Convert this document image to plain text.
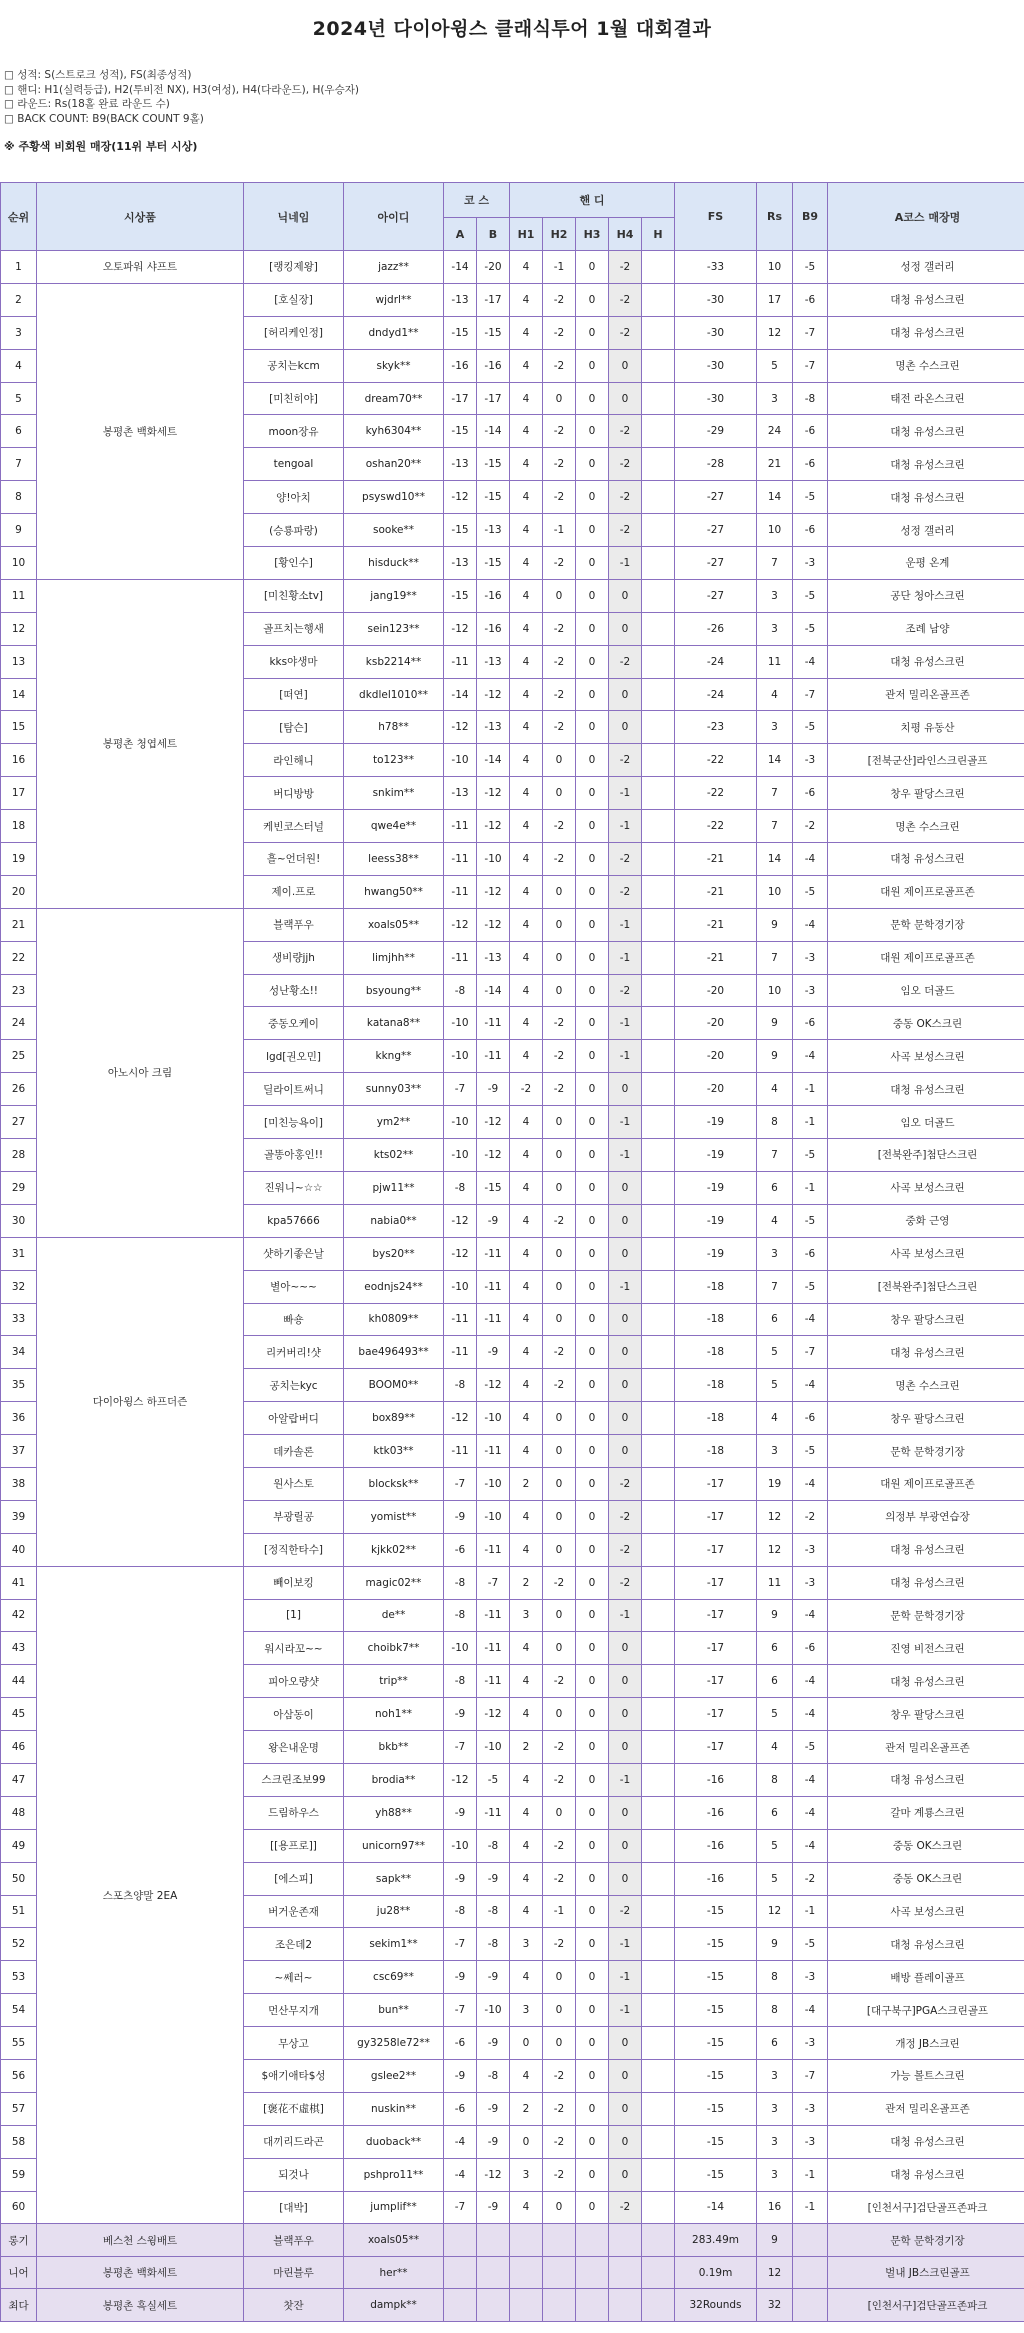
2024년 다이아윙스 클래식투어 1월 대회결과
□ 성적: S(스트로크 성적), FS(최종성적)
□ 핸디: H1(실력등급), H2(투비전 NX), H3(여성), H4(다라운드), H(우승자)
□ 라운드: Rs(18홀 완료 라운드 수)
□ BACK COUNT: B9(BACK COUNT 9홀)
※ 주황색 비회원 매장(11위 부터 시상)
순위	시상품	닉네임	아이디	코 스		핸 디					FS	Rs	B9	A코스 매장명
				A	B	H1	H2	H3	H4	H				
1	오토파워 샤프트	[랭킹제왕]	jazz**	-14	-20	4	-1	0	-2		-33	10	-5	성정 갤러리
2	봉평촌 백화세트	[호실장]	wjdrl**	-13	-17	4	-2	0	-2		-30	17	-6	대청 유성스크린
3		[허리케인정]	dndyd1**	-15	-15	4	-2	0	-2		-30	12	-7	대청 유성스크린
4		공치는kcm	skyk**	-16	-16	4	-2	0	0		-30	5	-7	명촌 수스크린
5		[미친히야]	dream70**	-17	-17	4	0	0	0		-30	3	-8	태전 라온스크린
6		moon장유	kyh6304**	-15	-14	4	-2	0	-2		-29	24	-6	대청 유성스크린
7		tengoal	oshan20**	-13	-15	4	-2	0	-2		-28	21	-6	대청 유성스크린
8		양!아치	psyswd10**	-12	-15	4	-2	0	-2		-27	14	-5	대청 유성스크린
9		(승룡파랑)	sooke**	-15	-13	4	-1	0	-2		-27	10	-6	성정 갤러리
10		[황인수]	hisduck**	-13	-15	4	-2	0	-1		-27	7	-3	운평 온계
11	봉평촌 청엽세트	[미친황소tv]	jang19**	-15	-16	4	0	0	0		-27	3	-5	공단 청아스크린
12		골프치는행새	sein123**	-12	-16	4	-2	0	0		-26	3	-5	조례 남양
13		kks야생마	ksb2214**	-11	-13	4	-2	0	-2		-24	11	-4	대청 유성스크린
14		[떠연]	dkdlel1010**	-14	-12	4	-2	0	0		-24	4	-7	관저 밀리온골프존
15		[탐슨]	h78**	-12	-13	4	-2	0	0		-23	3	-5	치평 유동산
16		라인해니	to123**	-10	-14	4	0	0	-2		-22	14	-3	[전북군산]라인스크린골프
17		버디방방	snkim**	-13	-12	4	0	0	-1		-22	7	-6	창우 팔당스크린
18		케빈코스터널	qwe4e**	-11	-12	4	-2	0	-1		-22	7	-2	명촌 수스크린
19		흘~언더원!	leess38**	-11	-10	4	-2	0	-2		-21	14	-4	대청 유성스크린
20		제이.프로	hwang50**	-11	-12	4	0	0	-2		-21	10	-5	대원 제이프로골프존
21	아노시아 크림	블랙푸우	xoals05**	-12	-12	4	0	0	-1		-21	9	-4	문학 문학경기장
22		생비량jjh	limjhh**	-11	-13	4	0	0	-1		-21	7	-3	대원 제이프로골프존
23		성난황소!!	bsyoung**	-8	-14	4	0	0	-2		-20	10	-3	임오 더골드
24		중동오케이	katana8**	-10	-11	4	-2	0	-1		-20	9	-6	중동 OK스크린
25		lgd[권오민]	kkng**	-10	-11	4	-2	0	-1		-20	9	-4	사곡 보성스크린
26		딜라이트써니	sunny03**	-7	-9	-2	-2	0	0		-20	4	-1	대청 유성스크린
27		[미친능욕이]	ym2**	-10	-12	4	0	0	-1		-19	8	-1	임오 더골드
28		골똥아홍인!!	kts02**	-10	-12	4	0	0	-1		-19	7	-5	[전북완주]첨단스크린
29		진워니~☆☆	pjw11**	-8	-15	4	0	0	0		-19	6	-1	사곡 보성스크린
30		kpa57666	nabia0**	-12	-9	4	-2	0	0		-19	4	-5	중화 근영
31	다이아윙스 하프더즌	샷하기좋은날	bys20**	-12	-11	4	0	0	0		-19	3	-6	사곡 보성스크린
32		별아~~~	eodnjs24**	-10	-11	4	0	0	-1		-18	7	-5	[전북완주]첨단스크린
33		빠숑	kh0809**	-11	-11	4	0	0	0		-18	6	-4	창우 팔당스크린
34		리커버리!샷	bae496493**	-11	-9	4	-2	0	0		-18	5	-7	대청 유성스크린
35		공치는kyc	BOOM0**	-8	-12	4	-2	0	0		-18	5	-4	명촌 수스크린
36		아알랍버디	box89**	-12	-10	4	0	0	0		-18	4	-6	창우 팔당스크린
37		데카솔론	ktk03**	-11	-11	4	0	0	0		-18	3	-5	문학 문학경기장
38		원사스토	blocksk**	-7	-10	2	0	0	-2		-17	19	-4	대원 제이프로골프존
39		부광릴공	yomist**	-9	-10	4	0	0	-2		-17	12	-2	의정부 부광연습장
40		[정직한타수]	kjkk02**	-6	-11	4	0	0	-2		-17	12	-3	대청 유성스크린
41	스포츠양말 2EA	빼이보킹	magic02**	-8	-7	2	-2	0	-2		-17	11	-3	대청 유성스크린
42		[1]	de**	-8	-11	3	0	0	-1		-17	9	-4	문학 문학경기장
43		워시라꼬~~	choibk7**	-10	-11	4	0	0	0		-17	6	-6	진영 비전스크린
44		피아오량샷	trip**	-8	-11	4	-2	0	0		-17	6	-4	대청 유성스크린
45		아삼동이	noh1**	-9	-12	4	0	0	0		-17	5	-4	창우 팔당스크린
46		왕은내운명	bkb**	-7	-10	2	-2	0	0		-17	4	-5	관저 밀리온골프존
47		스크린조보99	brodia**	-12	-5	4	-2	0	-1		-16	8	-4	대청 유성스크린
48		드림하우스	yh88**	-9	-11	4	0	0	0		-16	6	-4	갈마 계룡스크린
49		[[용프로]]	unicorn97**	-10	-8	4	-2	0	0		-16	5	-4	중동 OK스크린
50		[에스피]	sapk**	-9	-9	4	-2	0	0		-16	5	-2	중동 OK스크린
51		버거운존재	ju28**	-8	-8	4	-1	0	-2		-15	12	-1	사곡 보성스크린
52		조은데2	sekim1**	-7	-8	3	-2	0	-1		-15	9	-5	대청 유성스크린
53		~쎄러~	csc69**	-9	-9	4	0	0	-1		-15	8	-3	배방 플레이골프
54		먼산무지개	bun**	-7	-10	3	0	0	-1		-15	8	-4	[대구북구]PGA스크린골프
55		무상고	gy3258le72**	-6	-9	0	0	0	0		-15	6	-3	개정 JB스크린
56		$애기애타$성	gslee2**	-9	-8	4	-2	0	0		-15	3	-7	가능 볼트스크린
57		[褒花不虛棋]	nuskin**	-6	-9	2	-2	0	0		-15	3	-3	관저 밀리온골프존
58		대끼리드라곤	duoback**	-4	-9	0	-2	0	0		-15	3	-3	대청 유성스크린
59		되것나	pshpro11**	-4	-12	3	-2	0	0		-15	3	-1	대청 유성스크린
60		[대박]	jumplif**	-7	-9	4	0	0	-2		-14	16	-1	[인천서구]검단골프존파크
롱기	베스천 스윙배트	블랙푸우	xoals05**								283.49m	9		문학 문학경기장
니어	봉평촌 백화세트	마린블루	her**								0.19m	12		벌내 JB스크린골프
최다	봉평촌 흑실세트	찻잔	dampk**								32Rounds	32		[인천서구]검단골프존파크
